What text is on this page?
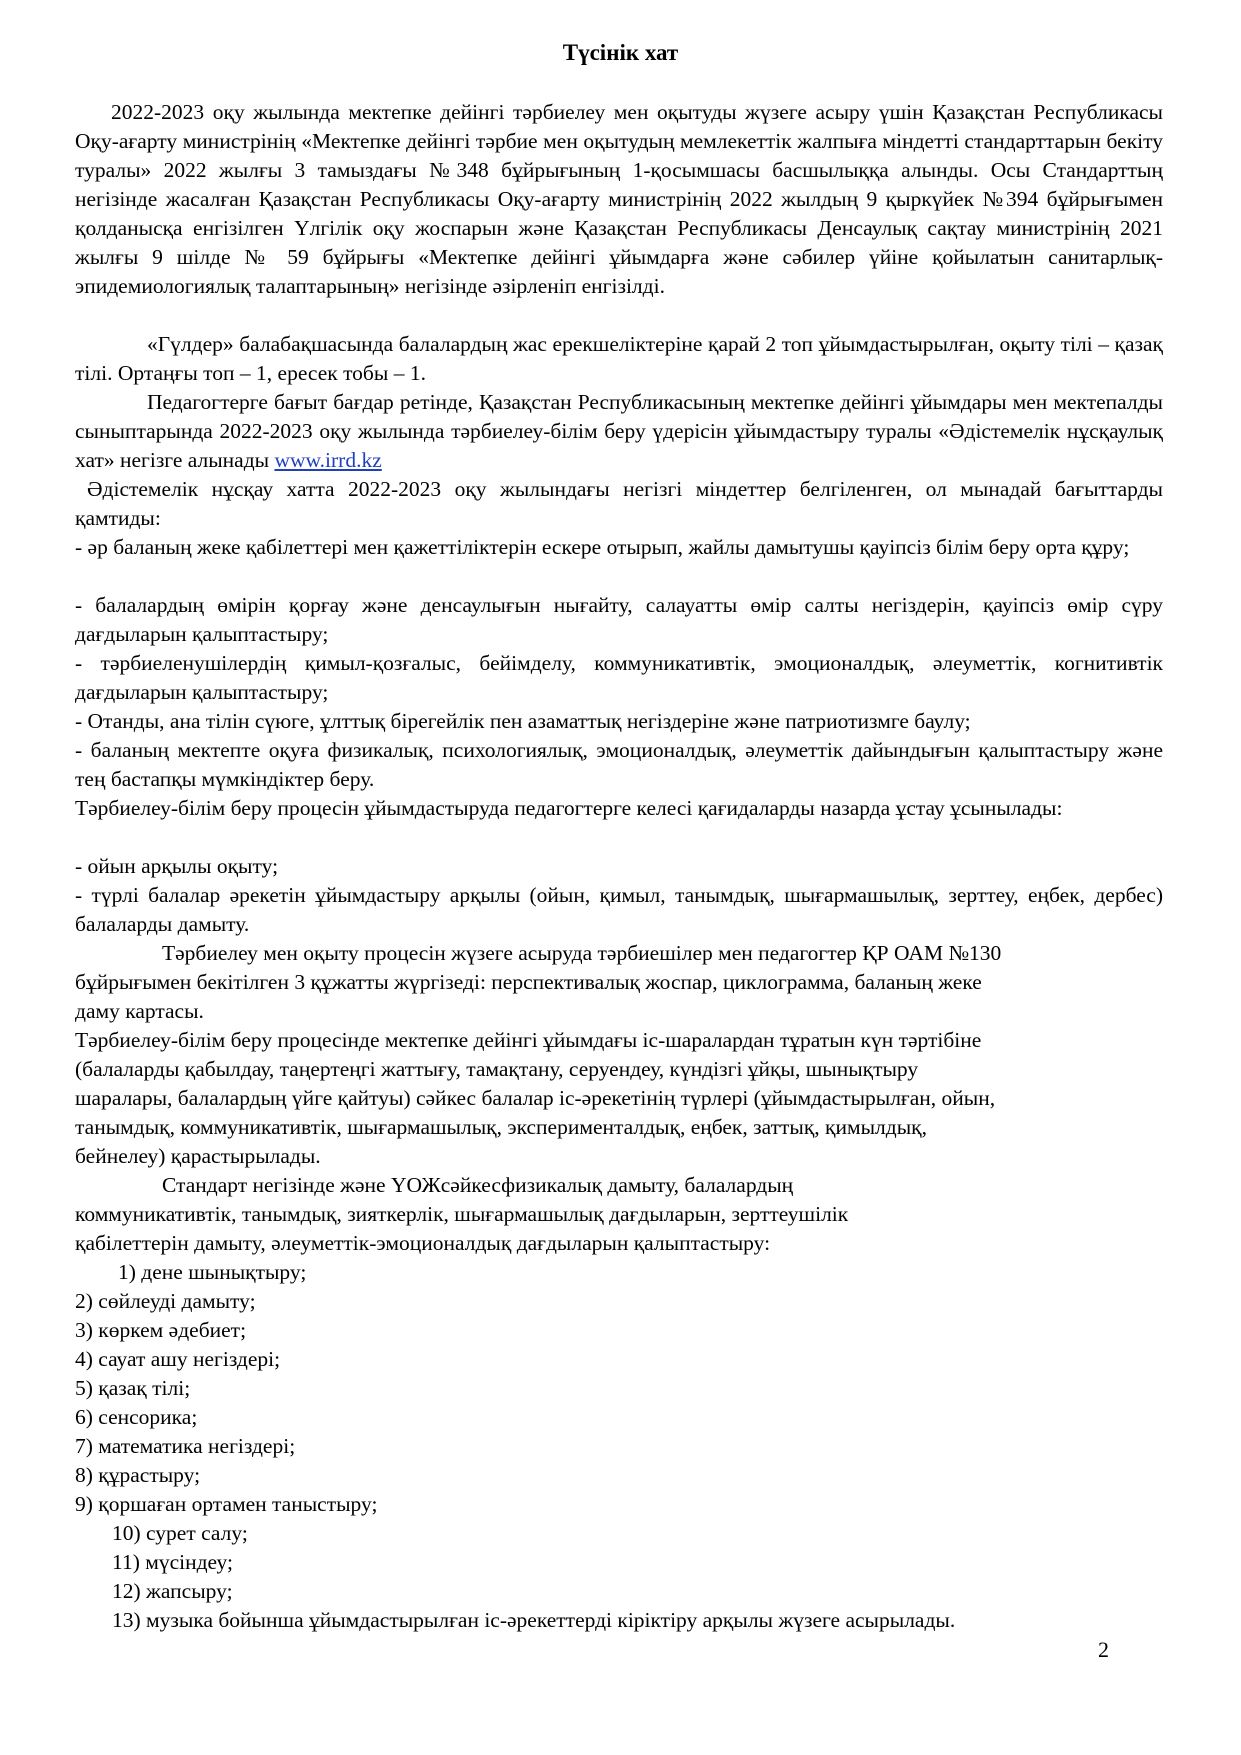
Түсінік хат

2022-2023 оқу жылында мектепке дейінгі тәрбиелеу мен оқытуды жүзеге асыру үшін Қазақстан Республикасы Оқу-ағарту министрінің «Мектепке дейінгі тәрбие мен оқытудың мемлекеттік жалпыға міндетті стандарттарын бекіту туралы» 2022 жылғы 3 тамыздағы №348 бұйрығының 1-қосымшасы басшылыққа алынды. Осы Стандарттың негізінде жасалған Қазақстан Республикасы Оқу-ағарту министрінің 2022 жылдың 9 қыркүйек №394 бұйрығымен қолданысқа енгізілген Үлгілік оқу жоспарын және Қазақстан Республикасы Денсаулық сақтау министрінің 2021 жылғы 9 шілде № 59 бұйрығы «Мектепке дейінгі ұйымдарға және сәбилер үйіне қойылатын санитарлық-эпидемиологиялық талаптарының» негізінде әзірленіп енгізілді.

«Гүлдер» балабақшасында балалардың жас ерекшеліктеріне қарай 2 топ ұйымдастырылған, оқыту тілі – қазақ тілі. Ортаңғы топ – 1, ересек тобы – 1.

Педагогтерге бағыт бағдар ретінде, Қазақстан Республикасының мектепке дейінгі ұйымдары мен мектепалды сыныптарында 2022-2023 оқу жылында тәрбиелеу-білім беру үдерісін ұйымдастыру туралы «Әдістемелік нұсқаулық хат» негізге алынады www.irrd.kz

Әдістемелік нұсқау хатта 2022-2023 оқу жылындағы негізгі міндеттер белгіленген, ол мынадай бағыттарды қамтиды:

- әр баланың жеке қабілеттері мен қажеттіліктерін ескере отырып, жайлы дамытушы қауіпсіз білім беру орта құру;

- балалардың өмірін қорғау және денсаулығын нығайту, салауатты өмір салты негіздерін, қауіпсіз өмір сүру дағдыларын қалыптастыру;

- тәрбиеленушілердің қимыл-қозғалыс, бейімделу, коммуникативтік, эмоционалдық, әлеуметтік, когнитивтік дағдыларын қалыптастыру;

- Отанды, ана тілін сүюге, ұлттық бірегейлік пен азаматтық негіздеріне және патриотизмге баулу;

- баланың мектепте оқуға физикалық, психологиялық, эмоционалдық, әлеуметтік дайындығын қалыптастыру және тең бастапқы мүмкіндіктер беру.

Тәрбиелеу-білім беру процесін ұйымдастыруда педагогтерге келесі қағидаларды назарда ұстау ұсынылады:

- ойын арқылы оқыту;

- түрлі балалар әрекетін ұйымдастыру арқылы (ойын, қимыл, танымдық, шығармашылық, зерттеу, еңбек, дербес) балаларды дамыту.

Тәрбиелеу мен оқыту процесін жүзеге асыруда тәрбиешілер мен педагогтер ҚР ОАМ №130

бұйрығымен бекітілген 3 құжатты жүргізеді: перспективалық жоспар, циклограмма, баланың жеке

даму картасы.

Тәрбиелеу-білім беру процесінде мектепке дейінгі ұйымдағы іс-шаралардан тұратын күн тәртібіне

(балаларды қабылдау, таңертеңгі жаттығу, тамақтану, серуендеу, күндізгі ұйқы, шынықтыру

шаралары, балалардың үйге қайтуы) сәйкес балалар іс-әрекетінің түрлері (ұйымдастырылған, ойын,

танымдық, коммуникативтік, шығармашылық, эксперименталдық, еңбек, заттық, қимылдық,

бейнелеу) қарастырылады.

Стандарт негізінде және ҮОЖсәйкесфизикалық дамыту, балалардың

коммуникативтік, танымдық, зияткерлік, шығармашылық дағдыларын, зерттеушілік

қабілеттерін дамыту, әлеуметтік-эмоционалдық дағдыларын қалыптастыру:

1) дене шынықтыру;

2) сөйлеуді дамыту;

3) көркем әдебиет;

4) сауат ашу негіздері;

5) қазақ тілі;

6) сенсорика;

7) математика негіздері;

8) құрастыру;

9) қоршаған ортамен таныстыру;

10) сурет салу;

11) мүсіндеу;

12) жапсыру;

13) музыка бойынша ұйымдастырылған іс-әрекеттерді кіріктіру арқылы жүзеге асырылады.

2
